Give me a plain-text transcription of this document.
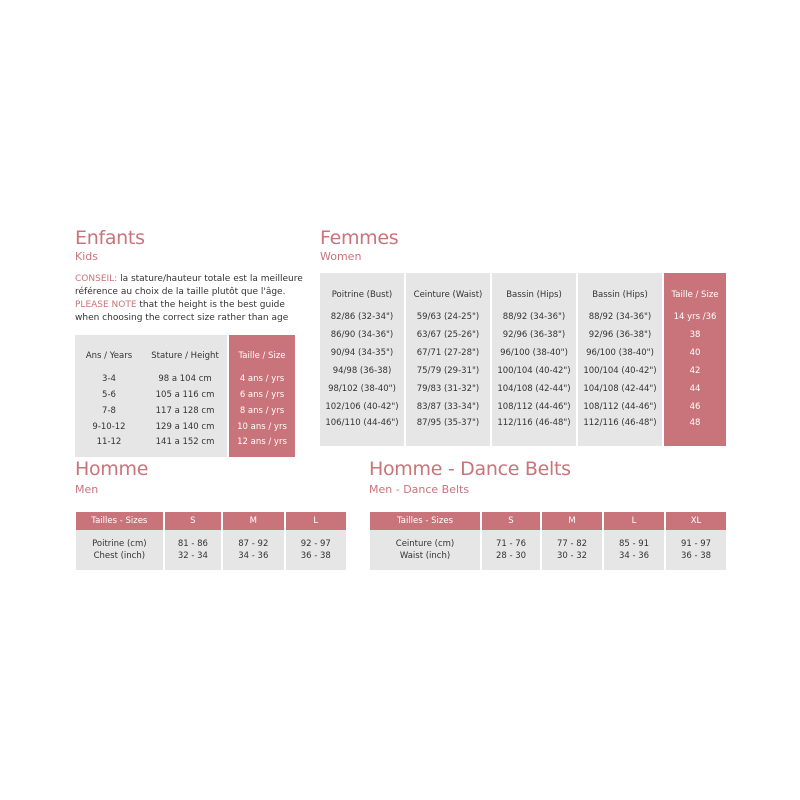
Enfants
Kids
CONSEIL: la stature/hauteur totale est la meilleure référence au choix de la taille plutôt que l'âge.
PLEASE NOTE that the height is the best guide when choosing the correct size rather than age
Ans / Years	Stature / Height	Taille / Size
3-4	98 a 104 cm	4 ans / yrs
5-6	105 a 116 cm	6 ans / yrs
7-8	117 a 128 cm	8 ans / yrs
9-10-12	129 a 140 cm	10 ans / yrs
11-12	141 a 152 cm	12 ans / yrs
Femmes
Women
Poitrine (Bust)	Ceinture (Waist)	Bassin (Hips)	Bassin (Hips)	Taille / Size
82/86 (32-34")	59/63 (24-25")	88/92 (34-36")	88/92 (34-36")	14 yrs /36
86/90 (34-36")	63/67 (25-26")	92/96 (36-38")	92/96 (36-38")	38
90/94 (34-35")	67/71 (27-28")	96/100 (38-40")	96/100 (38-40")	40
94/98 (36-38)	75/79 (29-31")	100/104 (40-42")	100/104 (40-42")	42
98/102 (38-40")	79/83 (31-32")	104/108 (42-44")	104/108 (42-44")	44
102/106 (40-42")	83/87 (33-34")	108/112 (44-46")	108/112 (44-46")	46
106/110 (44-46")	87/95 (35-37")	112/116 (46-48")	112/116 (46-48")	48
Homme
Men
Tailles - Sizes	S	M	L

Poitrine (cm)	81 - 86	87 - 92	92 - 97
Chest (inch)	32 - 34	34 - 36	36 - 38
Homme - Dance Belts
Men - Dance Belts
Tailles - Sizes	S	M	L	XL

Ceinture (cm)	71 - 76	77 - 82	85 - 91	91 - 97
Waist (inch)	28 - 30	30 - 32	34 - 36	36 - 38
